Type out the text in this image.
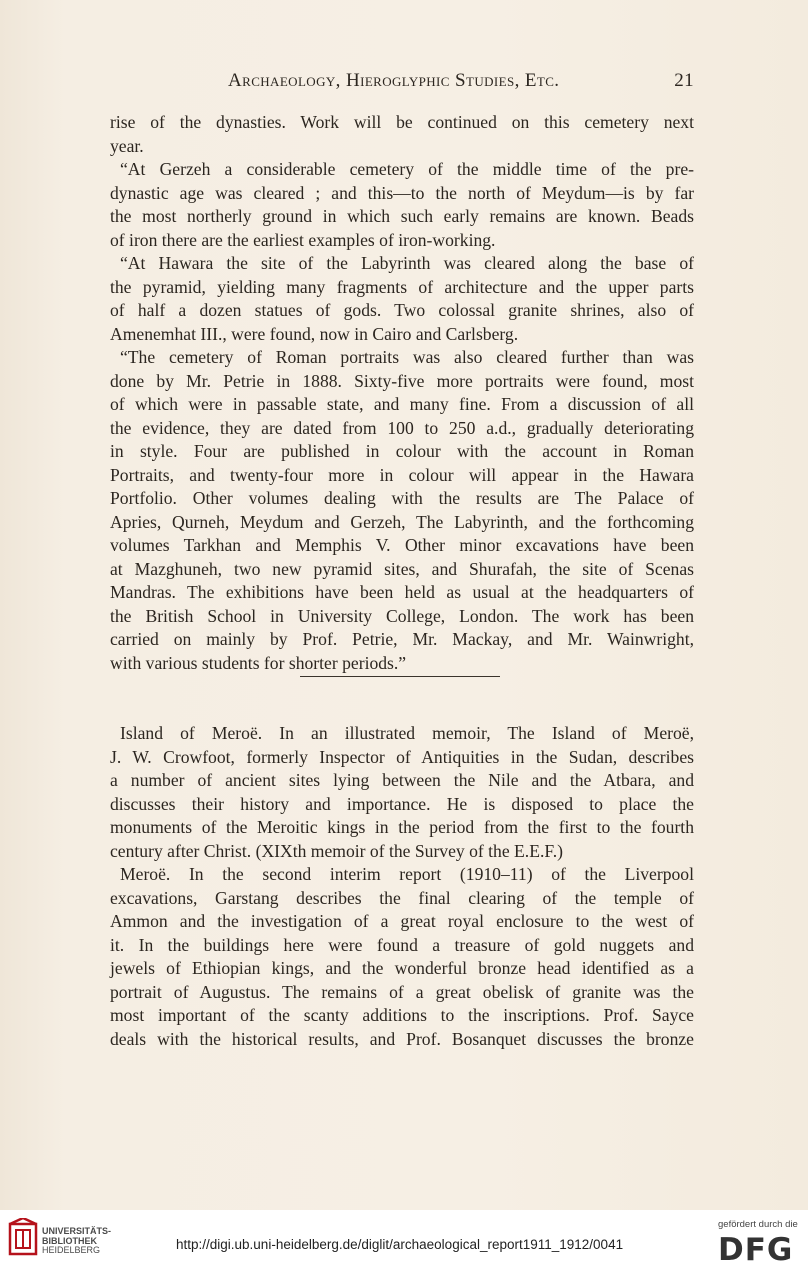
Archaeology, Hieroglyphic Studies, Etc.	21
rise of the dynasties. Work will be continued on this cemetery next
year.
“At Gerzeh a considerable cemetery of the middle time of the pre-
dynastic age was cleared ; and this—to the north of Meydum—is by far
the most northerly ground in which such early remains are known. Beads
of iron there are the earliest examples of iron-working.
“At Hawara the site of the Labyrinth was cleared along the base of
the pyramid, yielding many fragments of architecture and the upper parts
of half a dozen statues of gods. Two colossal granite shrines, also of
Amenemhat III., were found, now in Cairo and Carlsberg.
“The cemetery of Roman portraits was also cleared further than was
done by Mr. Petrie in 1888. Sixty-five more portraits were found, most
of which were in passable state, and many fine. From a discussion of all
the evidence, they are dated from 100 to 250 a.d., gradually deteriorating
in style. Four are published in colour with the account in Roman
Portraits, and twenty-four more in colour will appear in the Hawara
Portfolio. Other volumes dealing with the results are The Palace of
Apries, Qurneh, Meydum and Gerzeh, The Labyrinth, and the forthcoming
volumes Tarkhan and Memphis V. Other minor excavations have been
at Mazghuneh, two new pyramid sites, and Shurafah, the site of Scenas
Mandras. The exhibitions have been held as usual at the headquarters of
the British School in University College, London. The work has been
carried on mainly by Prof. Petrie, Mr. Mackay, and Mr. Wainwright,
with various students for shorter periods.”
Island of Meroë. In an illustrated memoir, The Island of Meroë,
J. W. Crowfoot, formerly Inspector of Antiquities in the Sudan, describes
a number of ancient sites lying between the Nile and the Atbara, and
discusses their history and importance. He is disposed to place the
monuments of the Meroitic kings in the period from the first to the fourth
century after Christ. (XIXth memoir of the Survey of the E.E.F.)
Meroë. In the second interim report (1910–11) of the Liverpool
excavations, Garstang describes the final clearing of the temple of
Ammon and the investigation of a great royal enclosure to the west of
it. In the buildings here were found a treasure of gold nuggets and
jewels of Ethiopian kings, and the wonderful bronze head identified as a
portrait of Augustus. The remains of a great obelisk of granite was the
most important of the scanty additions to the inscriptions. Prof. Sayce
deals with the historical results, and Prof. Bosanquet discusses the bronze
UNIVERSITÄTS-
BIBLIOTHEK
HEIDELBERG	http://digi.ub.uni-heidelberg.de/diglit/archaeological_report1911_1912/0041
gefördert durch die
DFG
